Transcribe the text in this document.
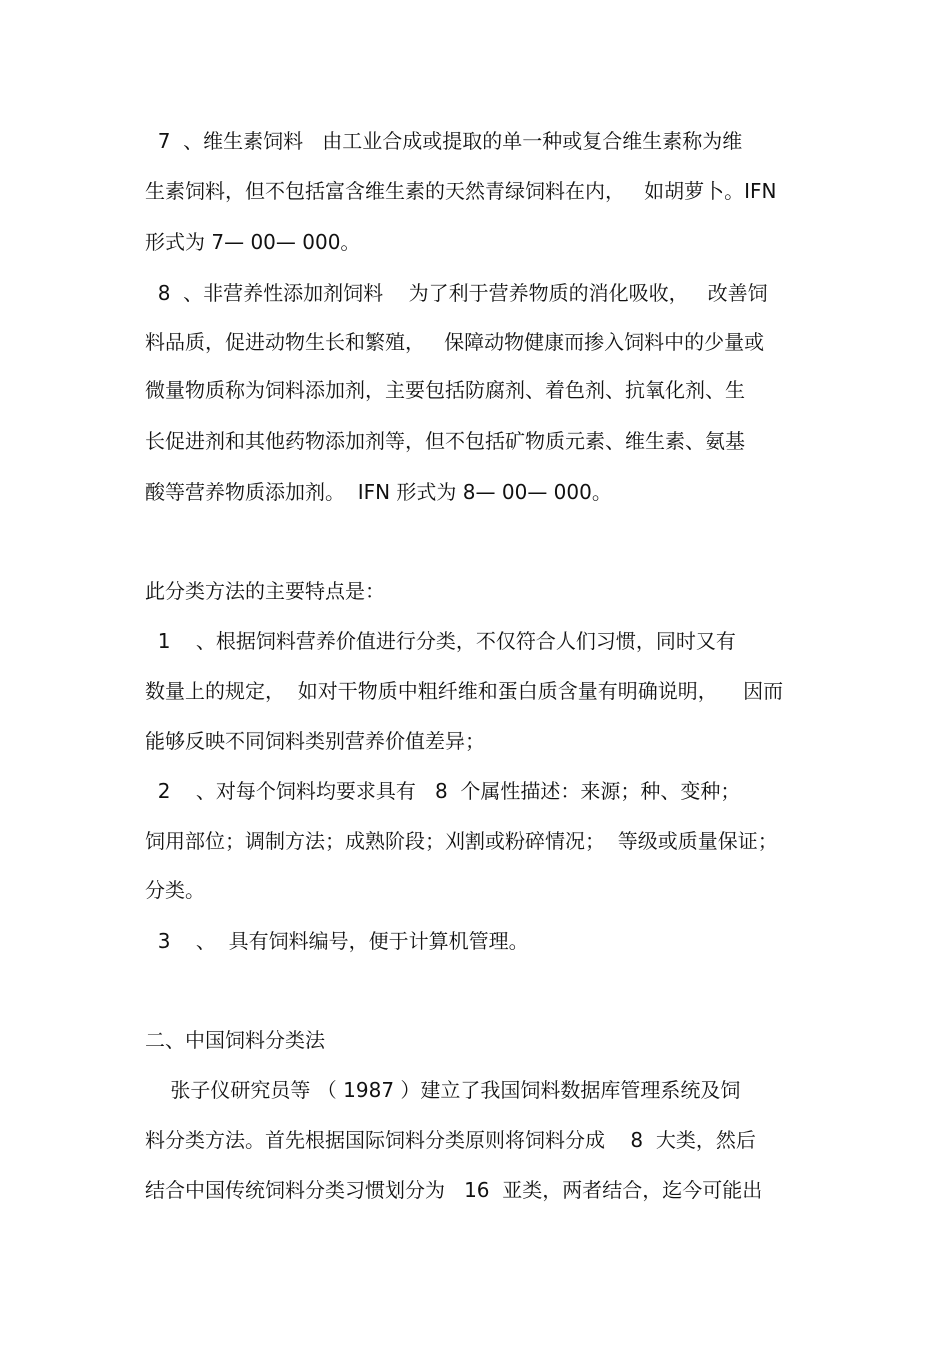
7  、维生素饲料   由工业合成或提取的单一种或复合维生素称为维
生素饲料，但不包括富含维生素的天然青绿饲料在内，   如胡萝卜。IFN
形式为 7— 00— 000。
8  、非营养性添加剂饲料    为了利于营养物质的消化吸收，   改善饲
料品质，促进动物生长和繁殖，   保障动物健康而掺入饲料中的少量或
微量物质称为饲料添加剂，主要包括防腐剂、着色剂、抗氧化剂、生
长促进剂和其他药物添加剂等，但不包括矿物质元素、维生素、氨基
酸等营养物质添加剂。  IFN 形式为 8— 00— 000。
此分类方法的主要特点是：
1    、根据饲料营养价值进行分类，不仅符合人们习惯，同时又有
数量上的规定，  如对干物质中粗纤维和蛋白质含量有明确说明，    因而
能够反映不同饲料类别营养价值差异；
2    、对每个饲料均要求具有   8  个属性描述：来源；种、变种；
饲用部位；调制方法；成熟阶段；刈割或粉碎情况；  等级或质量保证；
分类。
3    、  具有饲料编号，便于计算机管理。
二、中国饲料分类法
张子仪研究员等 （ 1987 ）建立了我国饲料数据库管理系统及饲
料分类方法。首先根据国际饲料分类原则将饲料分成    8  大类，然后
结合中国传统饲料分类习惯划分为   16  亚类，两者结合，迄今可能出
